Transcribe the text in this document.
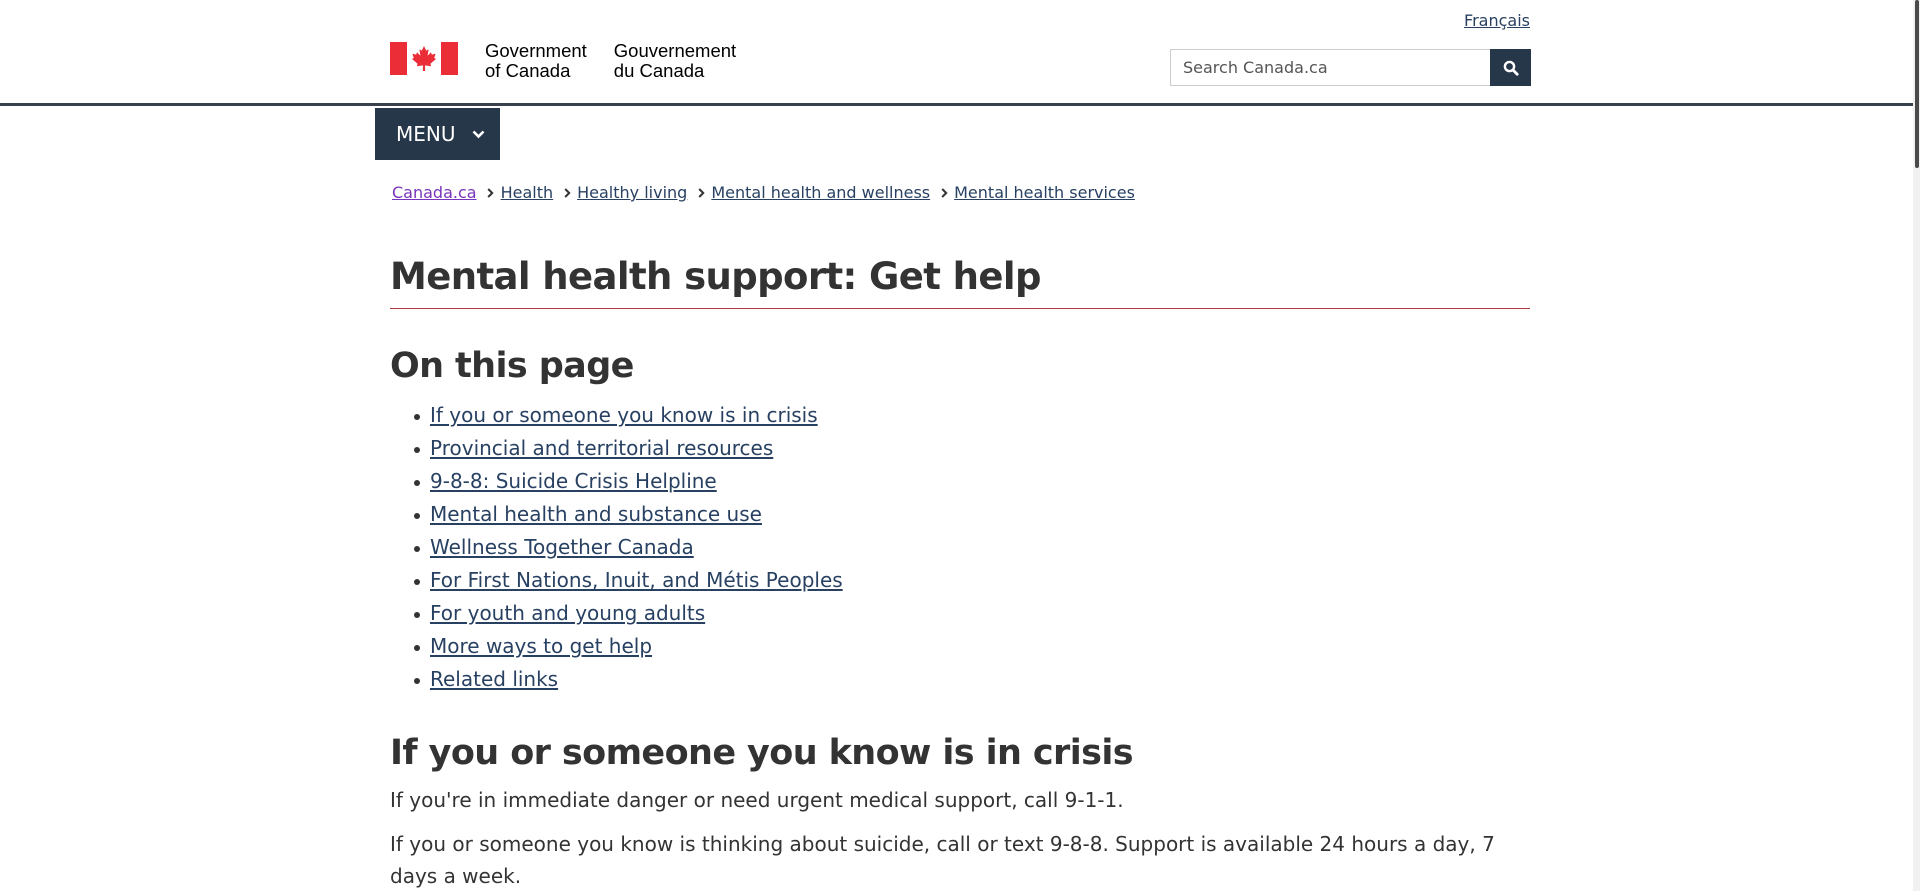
Government
of Canada
Gouvernement
du Canada
Français
Search Canada.ca
MENU
Canada.ca Health Healthy living Mental health and wellness Mental health services
Mental health support: Get help
On this page
If you or someone you know is in crisis
Provincial and territorial resources
9-8-8: Suicide Crisis Helpline
Mental health and substance use
Wellness Together Canada
For First Nations, Inuit, and Métis Peoples
For youth and young adults
More ways to get help
Related links
If you or someone you know is in crisis

If you're in immediate danger or need urgent medical support, call 9-1-1.

If you or someone you know is thinking about suicide, call or text 9-8-8. Support is available 24 hours a day, 7 days a week.
